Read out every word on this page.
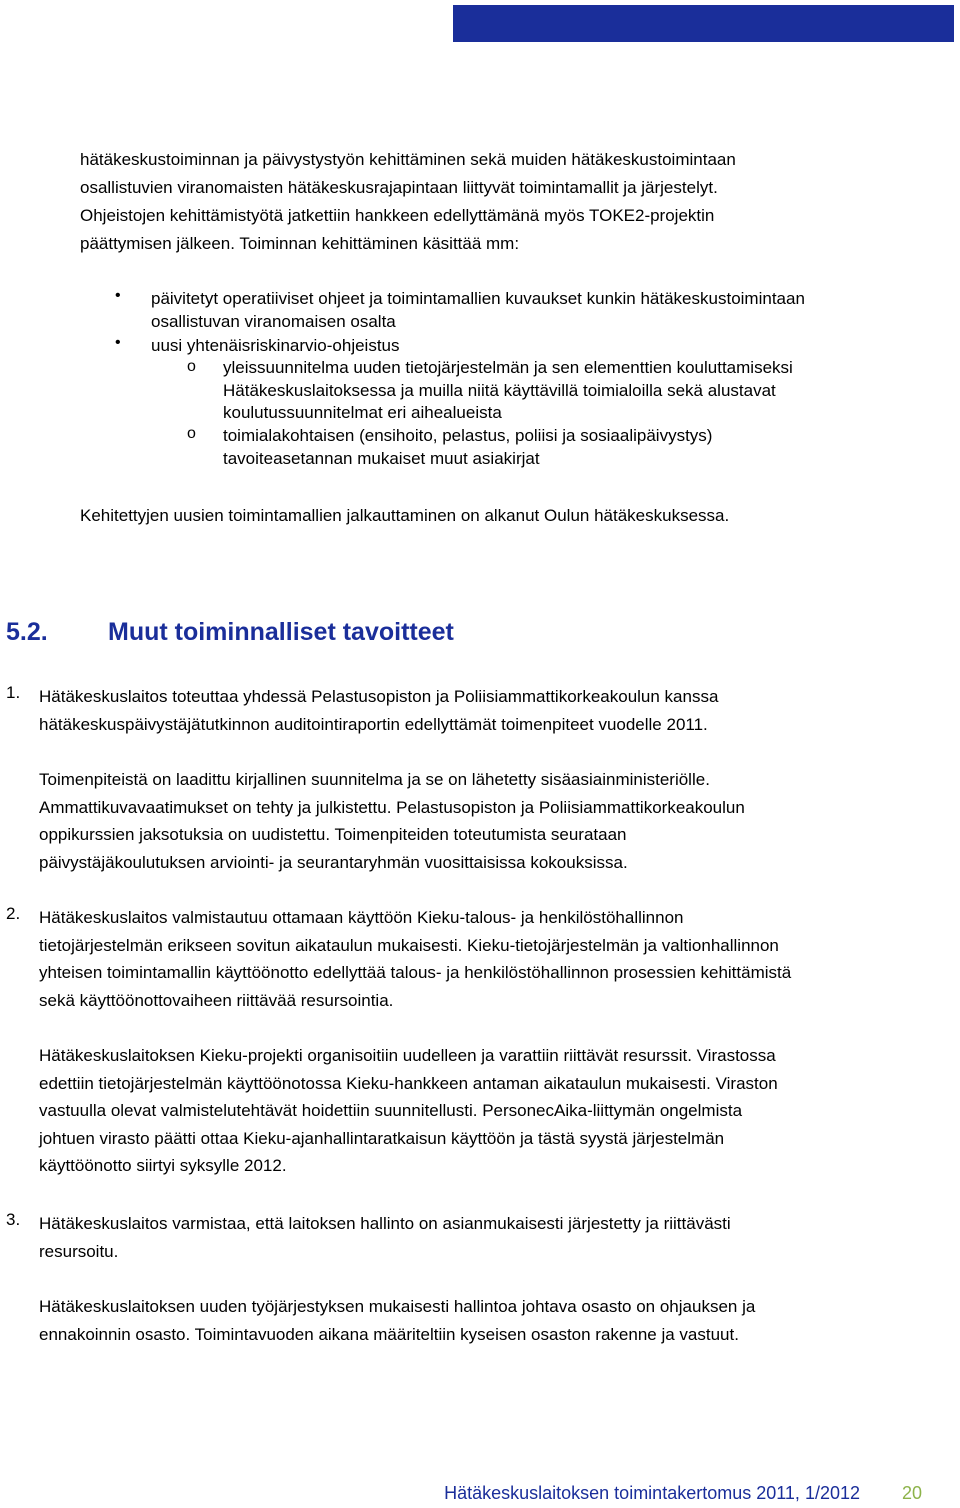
hätäkeskustoiminnan ja päivystystyön kehittäminen sekä muiden hätäkeskustoimintaan
osallistuvien viranomaisten hätäkeskusrajapintaan liittyvät toimintamallit ja järjestelyt.
Ohjeistojen kehittämistyötä jatkettiin hankkeen edellyttämänä myös TOKE2-projektin
päättymisen jälkeen. Toiminnan kehittäminen käsittää mm:
• päivitetyt operatiiviset ohjeet ja toimintamallien kuvaukset kunkin hätäkeskustoimintaan
osallistuvan viranomaisen osalta
• uusi yhtenäisriskinarvio-ohjeistus
o yleissuunnitelma uuden tietojärjestelmän ja sen elementtien kouluttamiseksi
Hätäkeskuslaitoksessa ja muilla niitä käyttävillä toimialoilla sekä alustavat
koulutussuunnitelmat eri aihealueista
o toimialakohtaisen (ensihoito, pelastus, poliisi ja sosiaalipäivystys)
tavoiteasetannan mukaiset muut asiakirjat
Kehitettyjen uusien toimintamallien jalkauttaminen on alkanut Oulun hätäkeskuksessa.
5.2. Muut toiminnalliset tavoitteet
1. Hätäkeskuslaitos toteuttaa yhdessä Pelastusopiston ja Poliisiammattikorkeakoulun kanssa
hätäkeskuspäivystäjätutkinnon auditointiraportin edellyttämät toimenpiteet vuodelle 2011.
Toimenpiteistä on laadittu kirjallinen suunnitelma ja se on lähetetty sisäasiainministeriölle.
Ammattikuvavaatimukset on tehty ja julkistettu. Pelastusopiston ja Poliisiammattikorkeakoulun
oppikurssien jaksotuksia on uudistettu. Toimenpiteiden toteutumista seurataan
päivystäjäkoulutuksen arviointi- ja seurantaryhmän vuosittaisissa kokouksissa.
2. Hätäkeskuslaitos valmistautuu ottamaan käyttöön Kieku-talous- ja henkilöstöhallinnon
tietojärjestelmän erikseen sovitun aikataulun mukaisesti. Kieku-tietojärjestelmän ja valtionhallinnon
yhteisen toimintamallin käyttöönotto edellyttää talous- ja henkilöstöhallinnon prosessien kehittämistä
sekä käyttöönottovaiheen riittävää resursointia.
Hätäkeskuslaitoksen Kieku-projekti organisoitiin uudelleen ja varattiin riittävät resurssit. Virastossa
edettiin tietojärjestelmän käyttöönotossa Kieku-hankkeen antaman aikataulun mukaisesti. Viraston
vastuulla olevat valmistelutehtävät hoidettiin suunnitellusti. PersonecAika-liittymän ongelmista
johtuen virasto päätti ottaa Kieku-ajanhallintaratkaisun käyttöön ja tästä syystä järjestelmän
käyttöönotto siirtyi syksylle 2012.
3. Hätäkeskuslaitos varmistaa, että laitoksen hallinto on asianmukaisesti järjestetty ja riittävästi
resursoitu.
Hätäkeskuslaitoksen uuden työjärjestyksen mukaisesti hallintoa johtava osasto on ohjauksen ja
ennakoinnin osasto. Toimintavuoden aikana määriteltiin kyseisen osaston rakenne ja vastuut.
Hätäkeskuslaitoksen toimintakertomus 2011, 1/2012 20
